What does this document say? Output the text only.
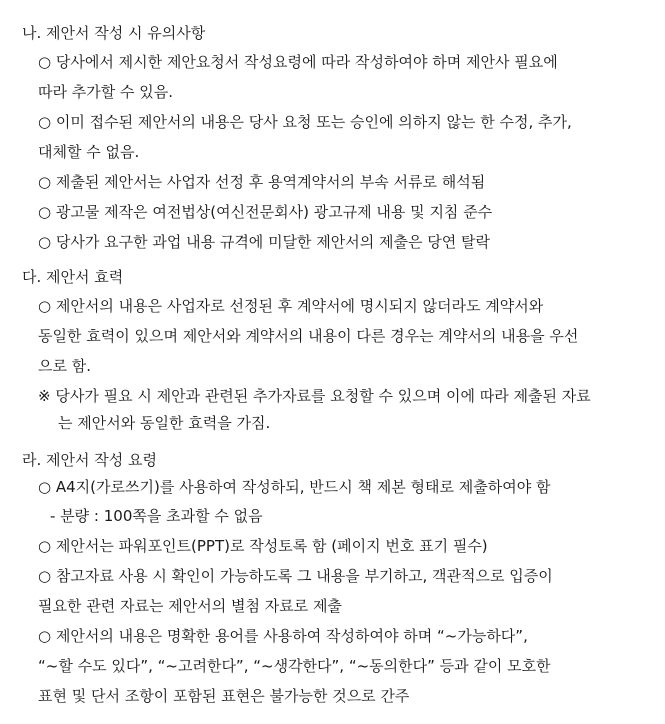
나. 제안서 작성 시 유의사항
○ 당사에서 제시한 제안요청서 작성요령에 따라 작성하여야 하며 제안사 필요에
따라 추가할 수 있음.
○ 이미 접수된 제안서의 내용은 당사 요청 또는 승인에 의하지 않는 한 수정, 추가,
대체할 수 없음.
○ 제출된 제안서는 사업자 선정 후 용역계약서의 부속 서류로 해석됨
○ 광고물 제작은 여전법상(여신전문회사) 광고규제 내용 및 지침 준수
○ 당사가 요구한 과업 내용 규격에 미달한 제안서의 제출은 당연 탈락
다. 제안서 효력
○ 제안서의 내용은 사업자로 선정된 후 계약서에 명시되지 않더라도 계약서와
동일한 효력이 있으며 제안서와 계약서의 내용이 다른 경우는 계약서의 내용을 우선
으로 함.
※ 당사가 필요 시 제안과 관련된 추가자료를 요청할 수 있으며 이에 따라 제출된 자료
는 제안서와 동일한 효력을 가짐.
라. 제안서 작성 요령
○ A4지(가로쓰기)를 사용하여 작성하되, 반드시 책 제본 형태로 제출하여야 함
- 분량 : 100쪽을 초과할 수 없음
○ 제안서는 파워포인트(PPT)로 작성토록 함 (페이지 번호 표기 필수)
○ 참고자료 사용 시 확인이 가능하도록 그 내용을 부기하고, 객관적으로 입증이
필요한 관련 자료는 제안서의 별첨 자료로 제출
○ 제안서의 내용은 명확한 용어를 사용하여 작성하여야 하며 “~가능하다”,
“~할 수도 있다”, “~고려한다”, “~생각한다”, “~동의한다” 등과 같이 모호한
표현 및 단서 조항이 포함된 표현은 불가능한 것으로 간주
